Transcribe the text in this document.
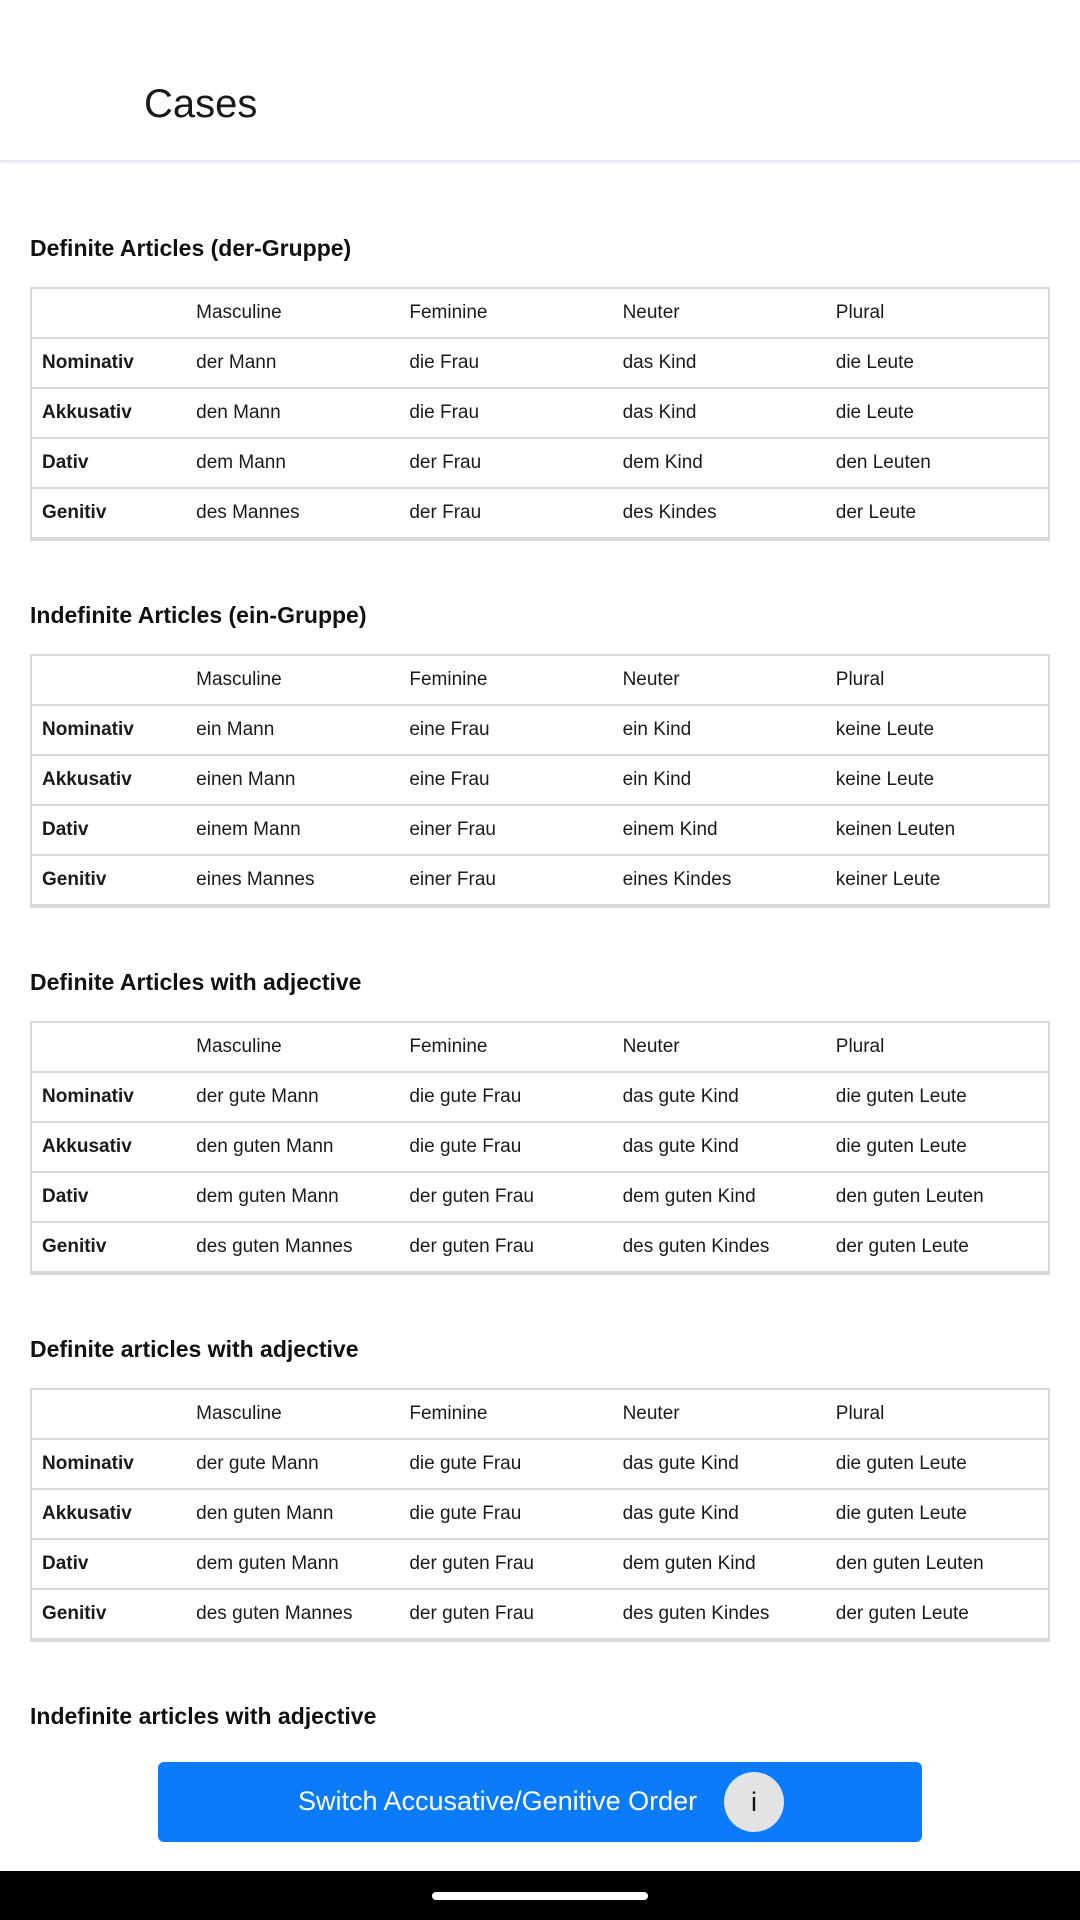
Cases
Definite Articles (der-Gruppe)
	Masculine	Feminine	Neuter	Plural
Nominativ	der Mann	die Frau	das Kind	die Leute
Akkusativ	den Mann	die Frau	das Kind	die Leute
Dativ	dem Mann	der Frau	dem Kind	den Leuten
Genitiv	des Mannes	der Frau	des Kindes	der Leute
Indefinite Articles (ein-Gruppe)
	Masculine	Feminine	Neuter	Plural
Nominativ	ein Mann	eine Frau	ein Kind	keine Leute
Akkusativ	einen Mann	eine Frau	ein Kind	keine Leute
Dativ	einem Mann	einer Frau	einem Kind	keinen Leuten
Genitiv	eines Mannes	einer Frau	eines Kindes	keiner Leute
Definite Articles with adjective
	Masculine	Feminine	Neuter	Plural
Nominativ	der gute Mann	die gute Frau	das gute Kind	die guten Leute
Akkusativ	den guten Mann	die gute Frau	das gute Kind	die guten Leute
Dativ	dem guten Mann	der guten Frau	dem guten Kind	den guten Leuten
Genitiv	des guten Mannes	der guten Frau	des guten Kindes	der guten Leute
Definite articles with adjective
	Masculine	Feminine	Neuter	Plural
Nominativ	der gute Mann	die gute Frau	das gute Kind	die guten Leute
Akkusativ	den guten Mann	die gute Frau	das gute Kind	die guten Leute
Dativ	dem guten Mann	der guten Frau	dem guten Kind	den guten Leuten
Genitiv	des guten Mannes	der guten Frau	des guten Kindes	der guten Leute
Indefinite articles with adjective
Switch Accusative/Genitive Order i
